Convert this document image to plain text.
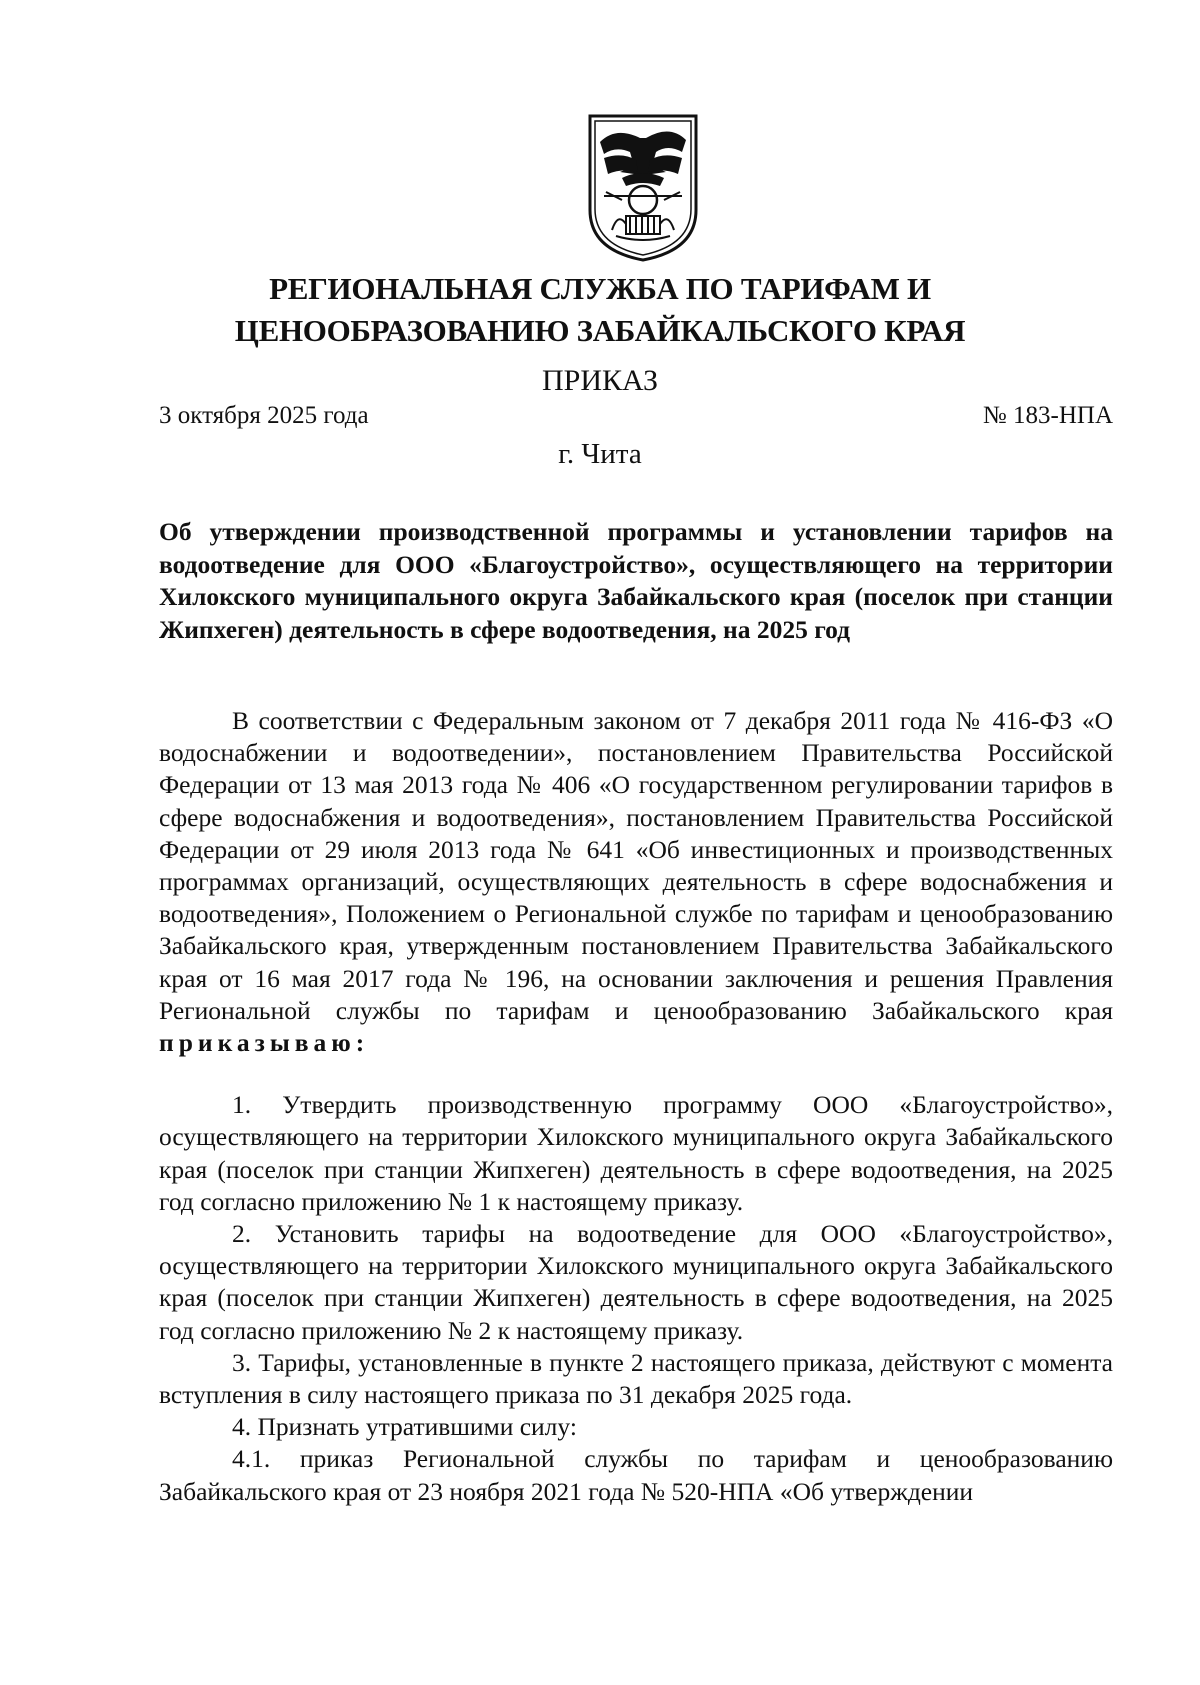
РЕГИОНАЛЬНАЯ СЛУЖБА ПО ТАРИФАМ И
ЦЕНООБРАЗОВАНИЮ ЗАБАЙКАЛЬСКОГО КРАЯ
ПРИКАЗ
3 октября 2025 года	№ 183-НПА
г. Чита
Об утверждении производственной программы и установлении тарифов на водоотведение для ООО «Благоустройство», осуществляющего на территории Хилокского муниципального округа Забайкальского края (поселок при станции Жипхеген) деятельность в сфере водоотведения, на 2025 год

В соответствии с Федеральным законом от 7 декабря 2011 года № 416-ФЗ «О водоснабжении и водоотведении», постановлением Правительства Российской Федерации от 13 мая 2013 года № 406 «О государственном регулировании тарифов в сфере водоснабжения и водоотведения», постановлением Правительства Российской Федерации от 29 июля 2013 года № 641 «Об инвестиционных и производственных программах организаций, осуществляющих деятельность в сфере водоснабжения и водоотведения», Положением о Региональной службе по тарифам и ценообразованию Забайкальского края, утвержденным постановлением Правительства Забайкальского края от 16 мая 2017 года № 196, на основании заключения и решения Правления Региональной службы по тарифам и ценообразованию Забайкальского края приказываю:

1. Утвердить производственную программу ООО «Благоустройство», осуществляющего на территории Хилокского муниципального округа Забайкальского края (поселок при станции Жипхеген) деятельность в сфере водоотведения, на 2025 год согласно приложению № 1 к настоящему приказу.

2. Установить тарифы на водоотведение для ООО «Благоустройство», осуществляющего на территории Хилокского муниципального округа Забайкальского края (поселок при станции Жипхеген) деятельность в сфере водоотведения, на 2025 год согласно приложению № 2 к настоящему приказу.

3. Тарифы, установленные в пункте 2 настоящего приказа, действуют с момента вступления в силу настоящего приказа по 31 декабря 2025 года.

4. Признать утратившими силу:

4.1. приказ Региональной службы по тарифам и ценообразованию Забайкальского края от 23 ноября 2021 года № 520-НПА «Об утверждении
